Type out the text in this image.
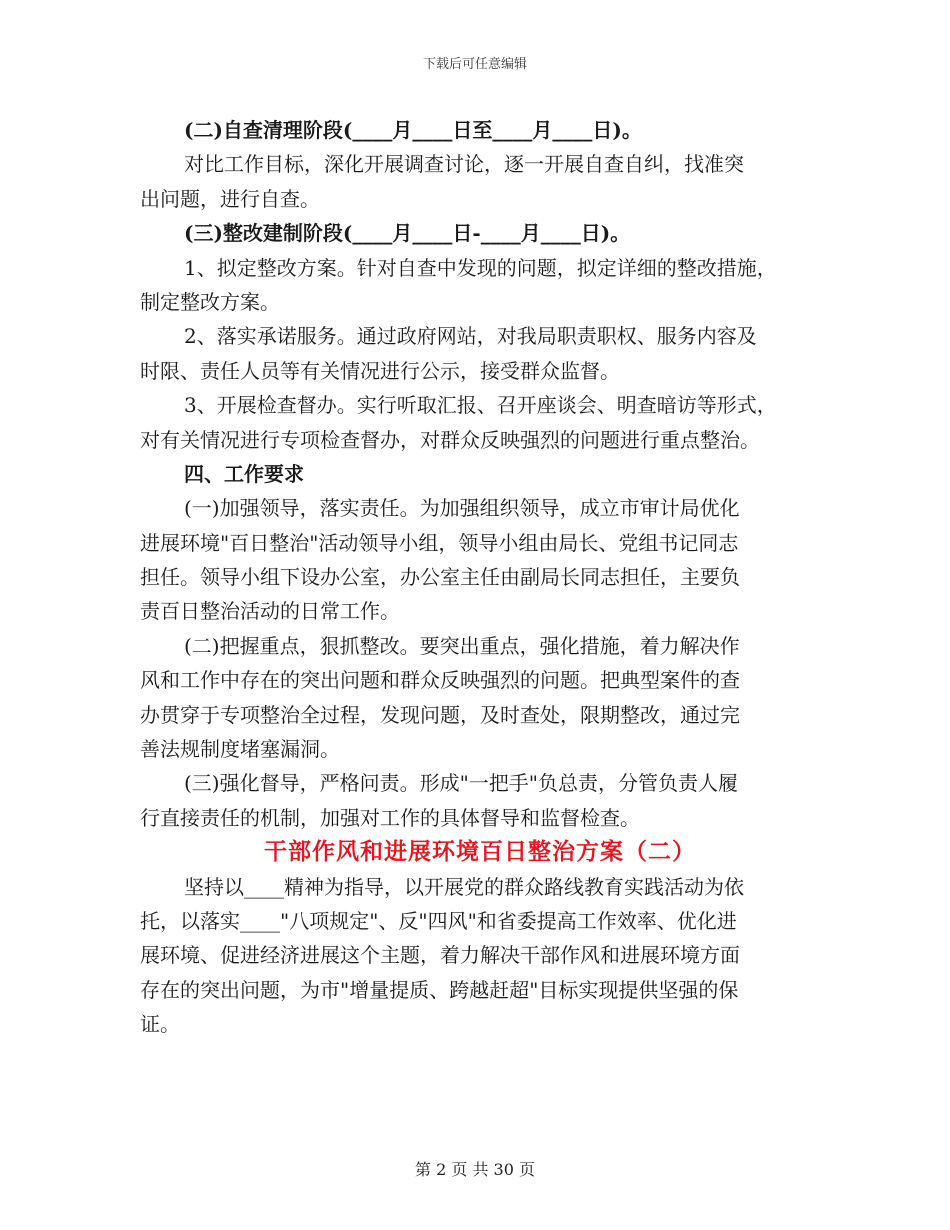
下载后可任意编辑
(二)自查清理阶段(____月____日至____月____日)。
对比工作目标，深化开展调查讨论，逐一开展自查自纠，找准突
出问题，进行自查。
(三)整改建制阶段(____月____日-____月____日)。
1、拟定整改方案。针对自查中发现的问题，拟定详细的整改措施，
制定整改方案。
2、落实承诺服务。通过政府网站，对我局职责职权、服务内容及
时限、责任人员等有关情况进行公示，接受群众监督。
3、开展检查督办。实行听取汇报、召开座谈会、明查暗访等形式，
对有关情况进行专项检查督办，对群众反映强烈的问题进行重点整治。
四、工作要求
(一)加强领导，落实责任。为加强组织领导，成立市审计局优化
进展环境"百日整治"活动领导小组，领导小组由局长、党组书记同志
担任。领导小组下设办公室，办公室主任由副局长同志担任，主要负
责百日整治活动的日常工作。
(二)把握重点，狠抓整改。要突出重点，强化措施，着力解决作
风和工作中存在的突出问题和群众反映强烈的问题。把典型案件的查
办贯穿于专项整治全过程，发现问题，及时查处，限期整改，通过完
善法规制度堵塞漏洞。
(三)强化督导，严格问责。形成"一把手"负总责，分管负责人履
行直接责任的机制，加强对工作的具体督导和监督检查。
干部作风和进展环境百日整治方案（二）
坚持以____精神为指导，以开展党的群众路线教育实践活动为依
托，以落实____"八项规定"、反"四风"和省委提高工作效率、优化进
展环境、促进经济进展这个主题，着力解决干部作风和进展环境方面
存在的突出问题，为市"增量提质、跨越赶超"目标实现提供坚强的保
证。
第 2 页 共 30 页
